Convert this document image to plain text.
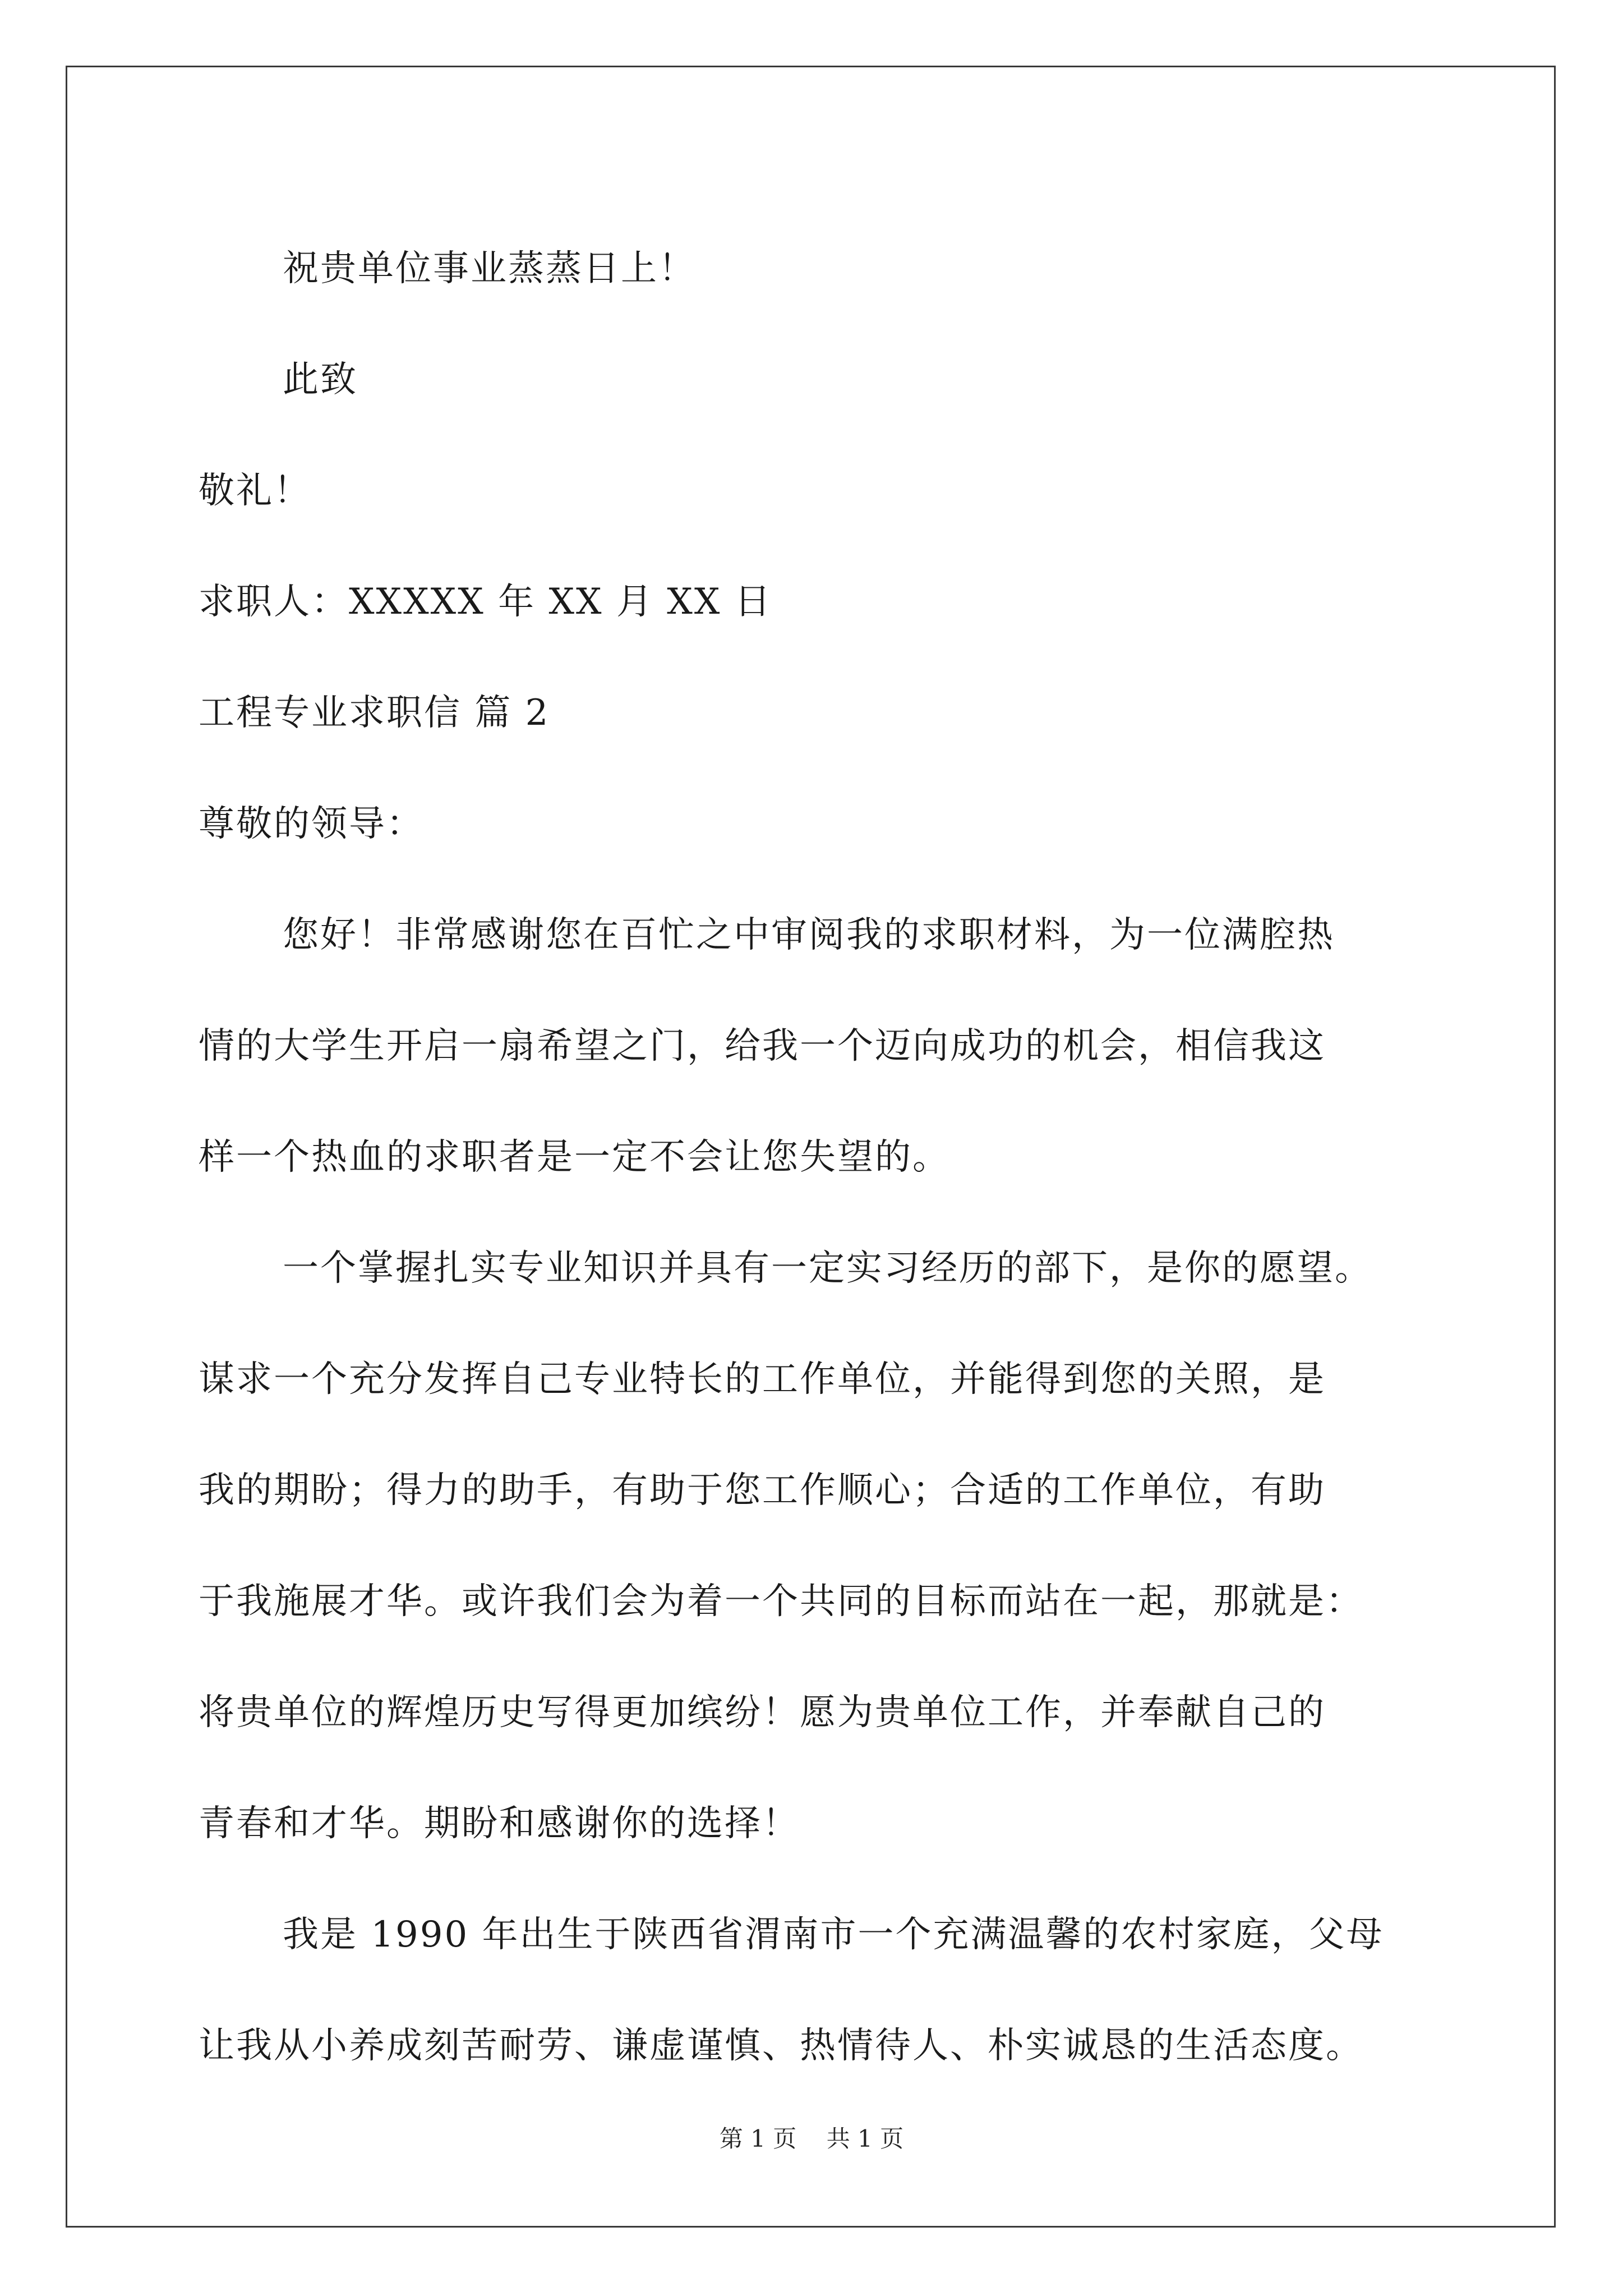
祝贵单位事业蒸蒸日上！
此致
敬礼！
求职人：XXXXX 年 XX 月 XX 日
工程专业求职信 篇 2
尊敬的领导：
您好！非常感谢您在百忙之中审阅我的求职材料，为一位满腔热
情的大学生开启一扇希望之门，给我一个迈向成功的机会，相信我这
样一个热血的求职者是一定不会让您失望的。
一个掌握扎实专业知识并具有一定实习经历的部下，是你的愿望。
谋求一个充分发挥自己专业特长的工作单位，并能得到您的关照，是
我的期盼；得力的助手，有助于您工作顺心；合适的工作单位，有助
于我施展才华。或许我们会为着一个共同的目标而站在一起，那就是：
将贵单位的辉煌历史写得更加缤纷！愿为贵单位工作，并奉献自己的
青春和才华。期盼和感谢你的选择！
我是 1990 年出生于陕西省渭南市一个充满温馨的农村家庭，父母
让我从小养成刻苦耐劳、谦虚谨慎、热情待人、朴实诚恳的生活态度。
第 1 页    共 1 页
